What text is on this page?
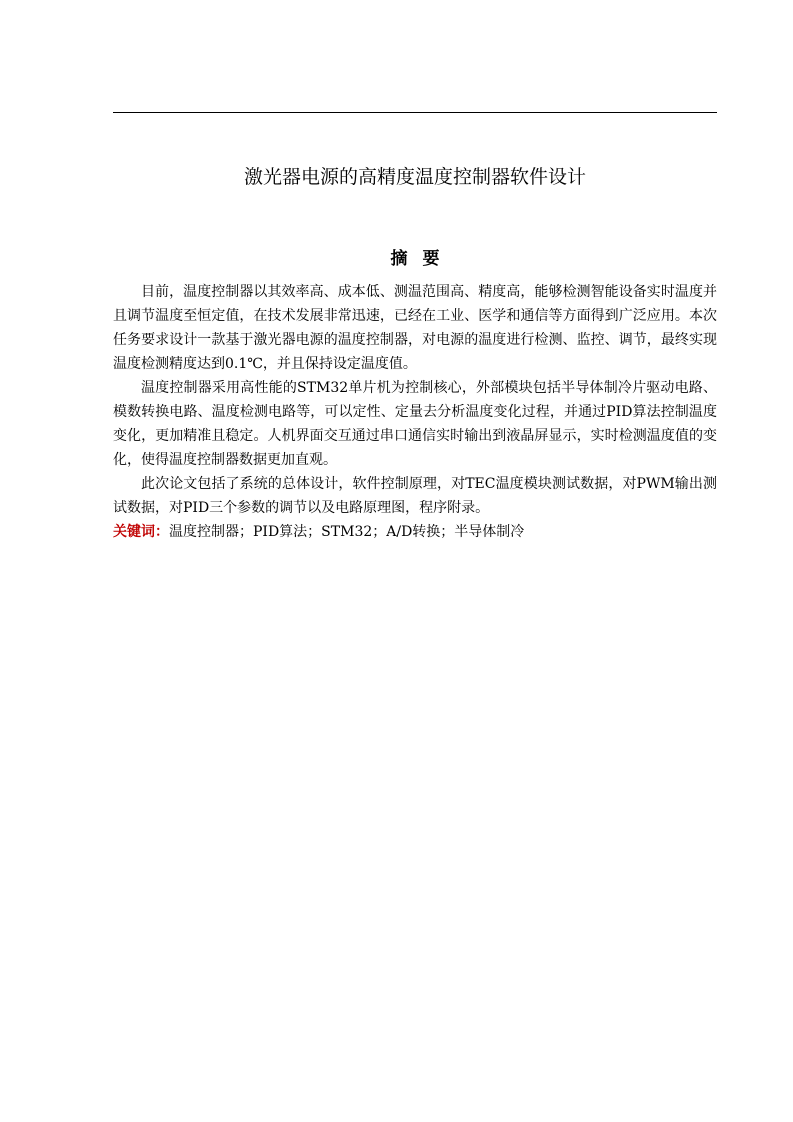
激光器电源的高精度温度控制器软件设计
摘要

目前，温度控制器以其效率高、成本低、测温范围高、精度高，能够检测智能设备实时温度并且调节温度至恒定值，在技术发展非常迅速，已经在工业、医学和通信等方面得到广泛应用。本次任务要求设计一款基于激光器电源的温度控制器，对电源的温度进行检测、监控、调节，最终实现温度检测精度达到0.1℃，并且保持设定温度值。

温度控制器采用高性能的STM32单片机为控制核心，外部模块包括半导体制冷片驱动电路、模数转换电路、温度检测电路等，可以定性、定量去分析温度变化过程，并通过PID算法控制温度变化，更加精准且稳定。人机界面交互通过串口通信实时输出到液晶屏显示，实时检测温度值的变化，使得温度控制器数据更加直观。

此次论文包括了系统的总体设计，软件控制原理，对TEC温度模块测试数据，对PWM输出测试数据，对PID三个参数的调节以及电路原理图，程序附录。

关键词：温度控制器；PID算法；STM32；A/D转换；半导体制冷
